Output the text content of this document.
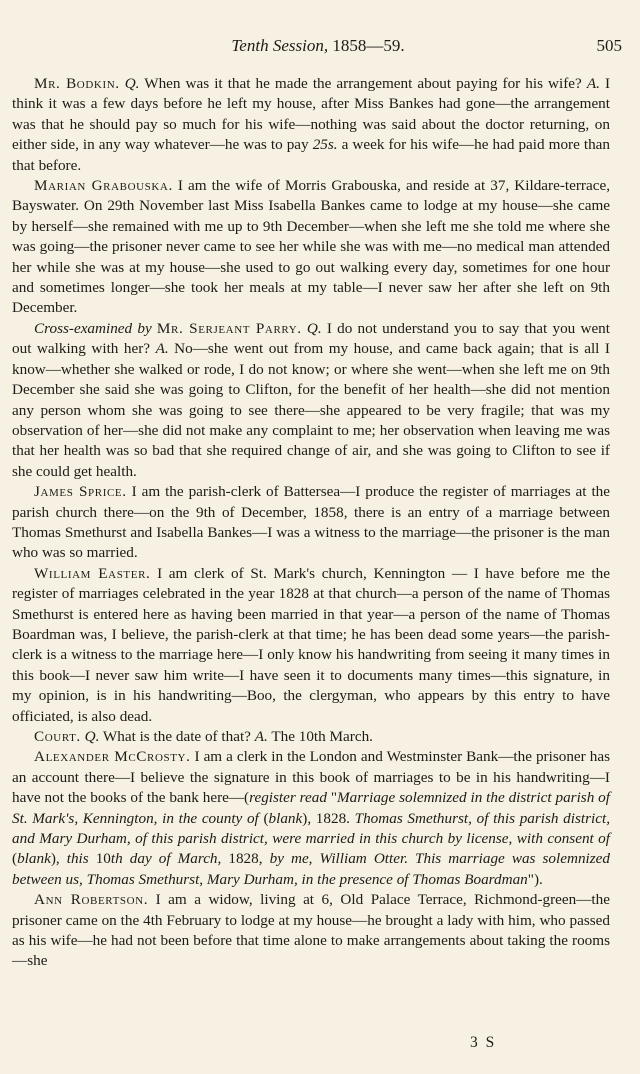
Tenth Session, 1858—59.	505

Mr. Bodkin. Q. When was it that he made the arrangement about paying for his wife? A. I think it was a few days before he left my house, after Miss Bankes had gone—the arrangement was that he should pay so much for his wife—nothing was said about the doctor returning, on either side, in any way whatever—he was to pay 25s. a week for his wife—he had paid more than that before.

Marian Grabouska. I am the wife of Morris Grabouska, and reside at 37, Kildare-terrace, Bayswater. On 29th November last Miss Isabella Bankes came to lodge at my house—she came by herself—she remained with me up to 9th December—when she left me she told me where she was going—the prisoner never came to see her while she was with me—no medical man attended her while she was at my house—she used to go out walking every day, sometimes for one hour and sometimes longer—she took her meals at my table—I never saw her after she left on 9th December.

Cross-examined by Mr. Serjeant Parry. Q. I do not understand you to say that you went out walking with her? A. No—she went out from my house, and came back again; that is all I know—whether she walked or rode, I do not know; or where she went—when she left me on 9th December she said she was going to Clifton, for the benefit of her health—she did not mention any person whom she was going to see there—she appeared to be very fragile; that was my observation of her—she did not make any complaint to me; her observation when leaving me was that her health was so bad that she required change of air, and she was going to Clifton to see if she could get health.

James Sprice. I am the parish-clerk of Battersea—I produce the register of marriages at the parish church there—on the 9th of December, 1858, there is an entry of a marriage between Thomas Smethurst and Isabella Bankes—I was a witness to the marriage—the prisoner is the man who was so married.

William Easter. I am clerk of St. Mark's church, Kennington — I have before me the register of marriages celebrated in the year 1828 at that church—a person of the name of Thomas Smethurst is entered here as having been married in that year—a person of the name of Thomas Boardman was, I believe, the parish-clerk at that time; he has been dead some years—the parish-clerk is a witness to the marriage here—I only know his handwriting from seeing it many times in this book—I never saw him write—I have seen it to documents many times—this signature, in my opinion, is in his handwriting—Boo, the clergyman, who appears by this entry to have officiated, is also dead.

Court. Q. What is the date of that? A. The 10th March.

Alexander McCrosty. I am a clerk in the London and Westminster Bank—the prisoner has an account there—I believe the signature in this book of marriages to be in his handwriting—I have not the books of the bank here—(register read "Marriage solemnized in the district parish of St. Mark's, Kennington, in the county of (blank), 1828. Thomas Smethurst, of this parish district, and Mary Durham, of this parish district, were married in this church by license, with consent of (blank), this 10th day of March, 1828, by me, William Otter. This marriage was solemnized between us, Thomas Smethurst, Mary Durham, in the presence of Thomas Boardman").

Ann Robertson. I am a widow, living at 6, Old Palace Terrace, Richmond-green—the prisoner came on the 4th February to lodge at my house—he brought a lady with him, who passed as his wife—he had not been before that time alone to make arrangements about taking the rooms—she

3 S
